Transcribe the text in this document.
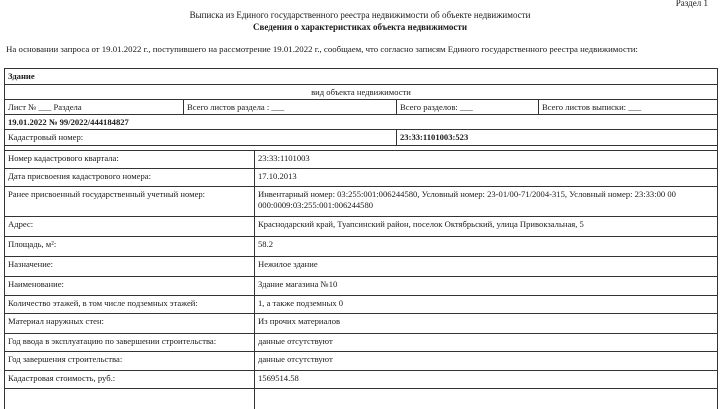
Раздел 1
Выписка из Единого государственного реестра недвижимости об объекте недвижимости
Сведения о характеристиках объекта недвижимости
На основании запроса от 19.01.2022 г., поступившего на рассмотрение 19.01.2022 г., сообщаем, что согласно записям Единого государственного реестра недвижимости:
Здание
вид объекта недвижимости
Лист № ___ Раздела	Всего листов раздела : ___	Всего разделов: ___	Всего листов выписки: ___
19.01.2022 № 99/2022/444184827
Кадастровый номер:	23:33:1101003:523
Номер кадастрового квартала:	23:33:1101003
Дата присвоения кадастрового номера:	17.10.2013
Ранее присвоенный государственный учетный номер:	Инвентарный номер: 03:255:001:006244580, Условный номер: 23-01/00-71/2004-315, Условный номер: 23:33:00 00 000:0009:03:255:001:006244580
Адрес:	Краснодарский край, Туапсинский район, поселок Октябрьский, улица Привокзальная, 5
Площадь, м²:	58.2
Назначение:	Нежилое здание
Наименование:	Здание магазина №10
Количество этажей, в том числе подземных этажей:	1, а также подземных 0
Материал наружных стен:	Из прочих материалов
Год ввода в эксплуатацию по завершении строительства:	данные отсутствуют
Год завершения строительства:	данные отсутствуют
Кадастровая стоимость, руб.:	1569514.58
